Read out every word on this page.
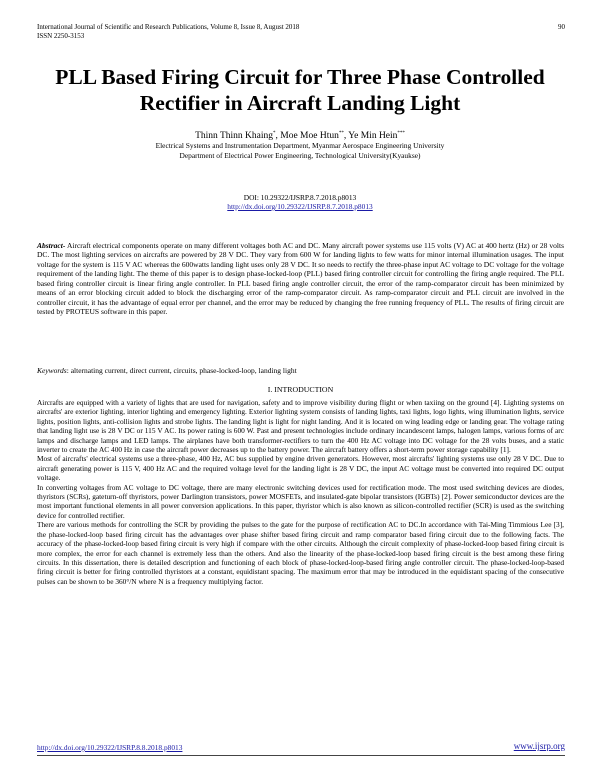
International Journal of Scientific and Research Publications, Volume 8, Issue 8, August 2018
ISSN 2250-3153
90
PLL Based Firing Circuit for Three Phase Controlled
Rectifier in Aircraft Landing Light
Thinn Thinn Khaing*, Moe Moe Htun**, Ye Min Hein***
Electrical Systems and Instrumentation Department, Myanmar Aerospace Engineering University
Department of Electrical Power Engineering, Technological University(Kyaukse)
DOI: 10.29322/IJSRP.8.7.2018.p8013
http://dx.doi.org/10.29322/IJSRP.8.7.2018.p8013
Abstract- Aircraft electrical components operate on many different voltages both AC and DC. Many aircraft power systems use 115 volts (V) AC at 400 hertz (Hz) or 28 volts DC. The most lighting services on aircrafts are powered by 28 V DC. They vary from 600 W for landing lights to few watts for minor internal illumination usages. The input voltage for the system is 115 V AC whereas the 600watts landing light uses only 28 V DC. It so needs to rectify the three-phase input AC voltage to DC voltage for the voltage requirement of the landing light. The theme of this paper is to design phase-locked-loop (PLL) based firing controller circuit for controlling the firing angle required. The PLL based firing controller circuit is linear firing angle controller. In PLL based firing angle controller circuit, the error of the ramp-comparator circuit has been minimized by means of an error blocking circuit added to block the discharging error of the ramp-comparator circuit. As ramp-comparator circuit and PLL circuit are involved in the controller circuit, it has the advantage of equal error per channel, and the error may be reduced by changing the free running frequency of PLL. The results of firing circuit are tested by PROTEUS software in this paper.
Keywords: alternating current, direct current, circuits, phase-locked-loop, landing light
I. INTRODUCTION

Aircrafts are equipped with a variety of lights that are used for navigation, safety and to improve visibility during flight or when taxiing on the ground [4]. Lighting systems on aircrafts' are exterior lighting, interior lighting and emergency lighting. Exterior lighting system consists of landing lights, taxi lights, logo lights, wing illumination lights, service lights, position lights, anti-collision lights and strobe lights. The landing light is light for night landing. And it is located on wing leading edge or landing gear. The voltage rating that landing light use is 28 V DC or 115 V AC. Its power rating is 600 W. Past and present technologies include ordinary incandescent lamps, halogen lamps, various forms of arc lamps and discharge lamps and LED lamps. The airplanes have both transformer-rectifiers to turn the 400 Hz AC voltage into DC voltage for the 28 volts buses, and a static inverter to create the AC 400 Hz in case the aircraft power decreases up to the battery power. The aircraft battery offers a short-term power storage capability [1].

Most of aircrafts' electrical systems use a three-phase, 400 Hz, AC bus supplied by engine driven generators. However, most aircrafts' lighting systems use only 28 V DC. Due to aircraft generating power is 115 V, 400 Hz AC and the required voltage level for the landing light is 28 V DC, the input AC voltage must be converted into required DC output voltage.

In converting voltages from AC voltage to DC voltage, there are many electronic switching devices used for rectification mode. The most used switching devices are diodes, thyristors (SCRs), gateturn-off thyristors, power Darlington transistors, power MOSFETs, and insulated-gate bipolar transistors (IGBTs) [2]. Power semiconductor devices are the most important functional elements in all power conversion applications. In this paper, thyristor which is also known as silicon-controlled rectifier (SCR) is used as the switching device for controlled rectifier.

There are various methods for controlling the SCR by providing the pulses to the gate for the purpose of rectification AC to DC.In accordance with Tai-Ming Timmious Lee [3], the phase-locked-loop based firing circuit has the advantages over phase shifter based firing circuit and ramp comparator based firing circuit due to the following facts. The accuracy of the phase-locked-loop based firing circuit is very high if compare with the other circuits. Although the circuit complexity of phase-locked-loop based firing circuit is more complex, the error for each channel is extremely less than the others. And also the linearity of the phase-locked-loop based firing circuit is the best among these firing circuits. In this dissertation, there is detailed description and functioning of each block of phase-locked-loop-based firing angle controller circuit. The phase-locked-loop-based firing circuit is better for firing controlled thyristors at a constant, equidistant spacing. The maximum error that may be introduced in the equidistant spacing of the consecutive pulses can be shown to be 360°/N where N is a frequency multiplying factor.

http://dx.doi.org/10.29322/IJSRP.8.8.2018.p8013	www.ijsrp.org
